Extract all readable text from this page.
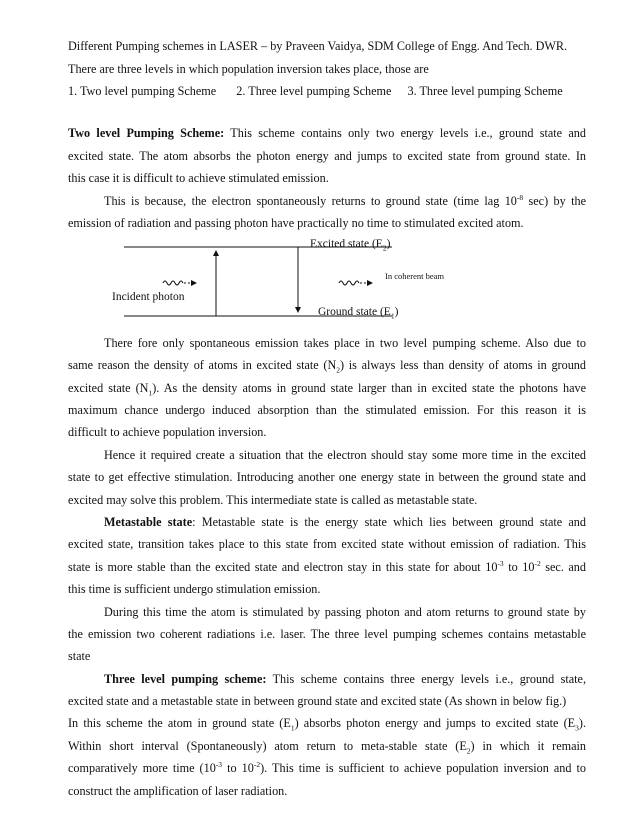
Different Pumping schemes in LASER – by Praveen Vaidya, SDM College of Engg. And Tech. DWR.
There are three levels in which population inversion takes place, those are
1. Two level pumping Scheme 2. Three level pumping Scheme 3. Three level pumping Scheme
Two level Pumping Scheme: This scheme contains only two energy levels i.e., ground state and
excited state. The atom absorbs the photon energy and jumps to excited state from ground state. In
this case it is difficult to achieve stimulated emission.
This is because, the electron spontaneously returns to ground state (time lag $10^{-8}$ sec) by the
emission of radiation and passing photon have practically no time to stimulated excited atom.
Excited state $(E_2)$
In coherent beam
Incident photon
Ground state $(E_1)$
There fore only spontaneous emission takes place in two level pumping scheme. Also due to
same reason the density of atoms in excited state $(N_2)$ is always less than density of atoms in ground
excited state $(N_1)$. As the density atoms in ground state larger than in excited state the photons have
maximum chance undergo induced absorption than the stimulated emission. For this reason it is
difficult to achieve population inversion.
Hence it required create a situation that the electron should stay some more time in the excited
state to get effective stimulation. Introducing another one energy state in between the ground state and
excited may solve this problem. This intermediate state is called as metastable state.
Metastable state: Metastable state is the energy state which lies between ground state and
excited state, transition takes place to this state from excited state without emission of radiation. This
state is more stable than the excited state and electron stay in this state for about $10^{-3}$ to $10^{-2}$ sec. and
this time is sufficient undergo stimulation emission.
During this time the atom is stimulated by passing photon and atom returns to ground state by
the emission two coherent radiations i.e. laser. The three level pumping schemes contains metastable
state
Three level pumping scheme: This scheme contains three energy levels i.e., ground state,
excited state and a metastable state in between ground state and excited state (As shown in below fig.)
In this scheme the atom in ground state $(E_1)$ absorbs photon energy and jumps to excited state $(E_3)$.
Within short interval (Spontaneously) atom return to meta-stable state $(E_2)$ in which it remain
comparatively more time ($10^{-3}$ to $10^{-2}$). This time is sufficient to achieve population inversion and to
construct the amplification of laser radiation.
